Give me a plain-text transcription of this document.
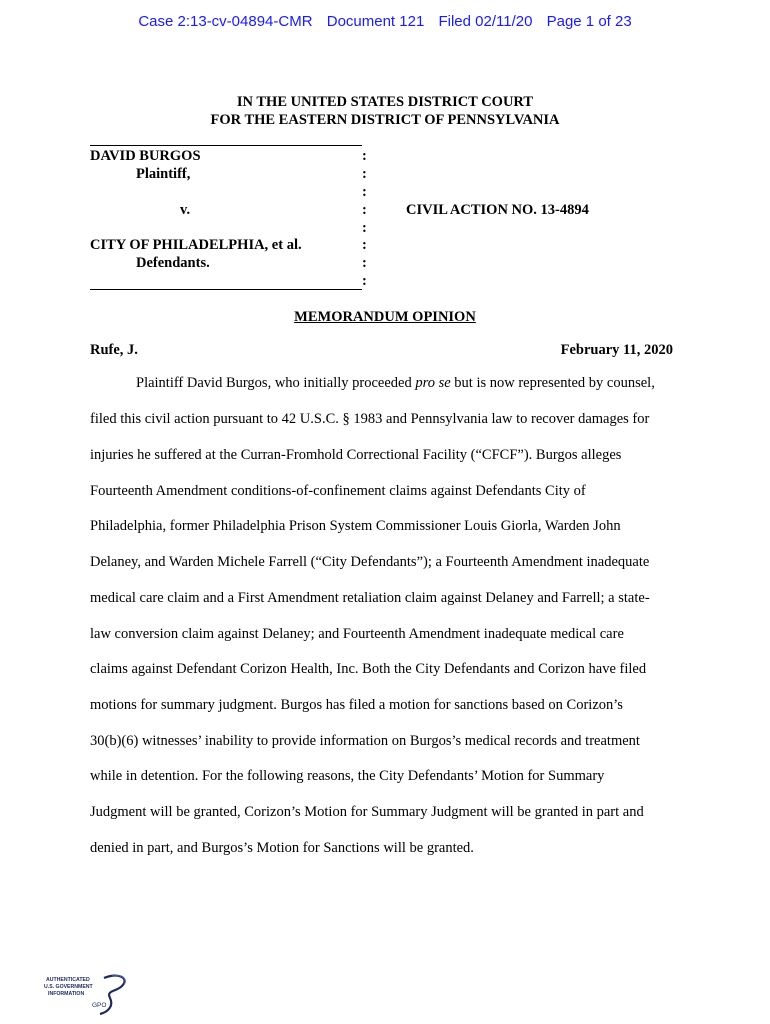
Case 2:13-cv-04894-CMR Document 121 Filed 02/11/20 Page 1 of 23
IN THE UNITED STATES DISTRICT COURT
FOR THE EASTERN DISTRICT OF PENNSYLVANIA
DAVID BURGOS
Plaintiff,
v.
CITY OF PHILADELPHIA, et al.
Defendants.
:
:
:
:
:
:
:
:
CIVIL ACTION NO. 13-4894
MEMORANDUM OPINION
Rufe, J.	February 11, 2020
Plaintiff David Burgos, who initially proceeded pro se but is now represented by counsel,
filed this civil action pursuant to 42 U.S.C. § 1983 and Pennsylvania law to recover damages for
injuries he suffered at the Curran-Fromhold Correctional Facility (“CFCF”). Burgos alleges
Fourteenth Amendment conditions-of-confinement claims against Defendants City of
Philadelphia, former Philadelphia Prison System Commissioner Louis Giorla, Warden John
Delaney, and Warden Michele Farrell (“City Defendants”); a Fourteenth Amendment inadequate
medical care claim and a First Amendment retaliation claim against Delaney and Farrell; a state-
law conversion claim against Delaney; and Fourteenth Amendment inadequate medical care
claims against Defendant Corizon Health, Inc. Both the City Defendants and Corizon have filed
motions for summary judgment. Burgos has filed a motion for sanctions based on Corizon’s
30(b)(6) witnesses’ inability to provide information on Burgos’s medical records and treatment
while in detention. For the following reasons, the City Defendants’ Motion for Summary
Judgment will be granted, Corizon’s Motion for Summary Judgment will be granted in part and
denied in part, and Burgos’s Motion for Sanctions will be granted.
AUTHENTICATED
U.S. GOVERNMENT
INFORMATION
GPO
